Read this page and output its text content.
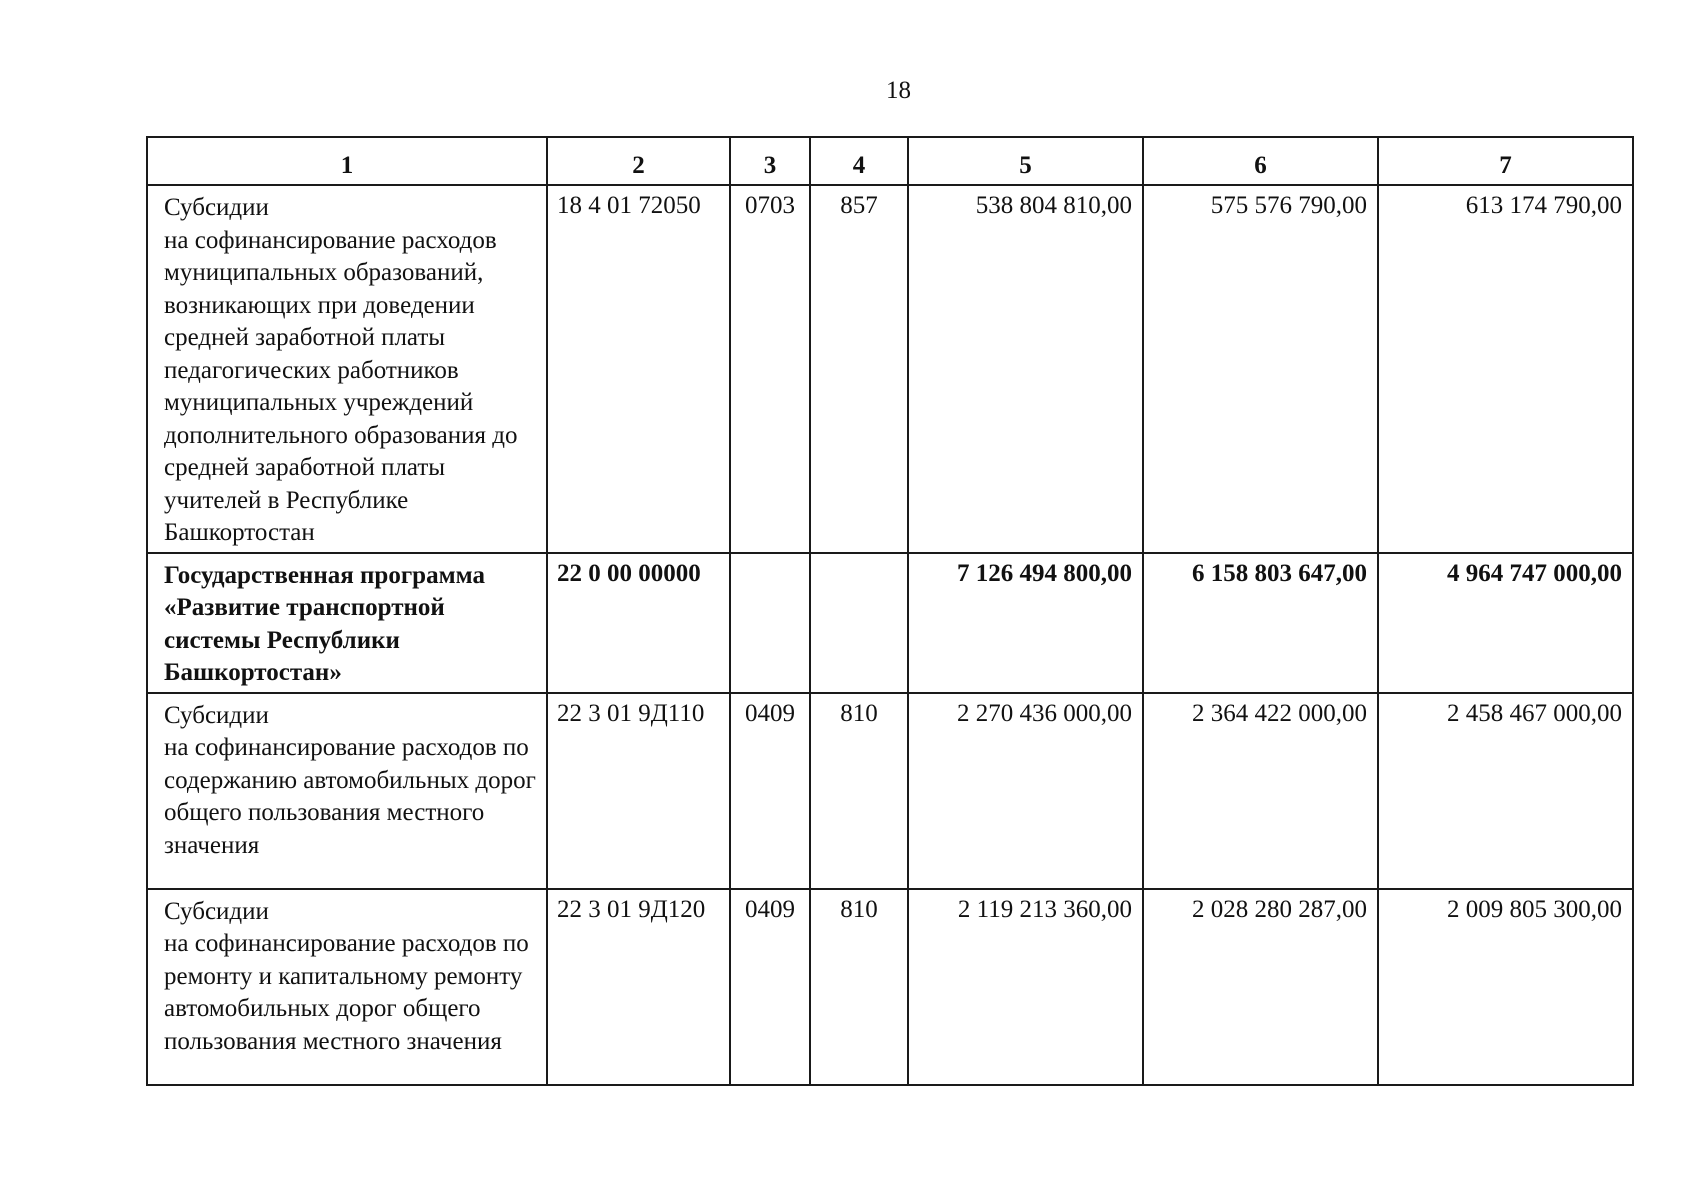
18
1	2	3	4	5	6	7
Субсидии
на софинансирование расходов муниципальных образований, возникающих при доведении средней заработной платы педагогических работников муниципальных учреждений дополнительного образования до средней заработной платы учителей в Республике Башкортостан	18 4 01 72050	0703	857	538 804 810,00	575 576 790,00	613 174 790,00
Государственная программа «Развитие транспортной системы Республики Башкортостан»	22 0 00 00000			7 126 494 800,00	6 158 803 647,00	4 964 747 000,00
Субсидии
на софинансирование расходов по содержанию автомобильных дорог общего пользования местного значения	22 3 01 9Д110	0409	810	2 270 436 000,00	2 364 422 000,00	2 458 467 000,00
Субсидии
на софинансирование расходов по ремонту и капитальному ремонту автомобильных дорог общего пользования местного значения	22 3 01 9Д120	0409	810	2 119 213 360,00	2 028 280 287,00	2 009 805 300,00
